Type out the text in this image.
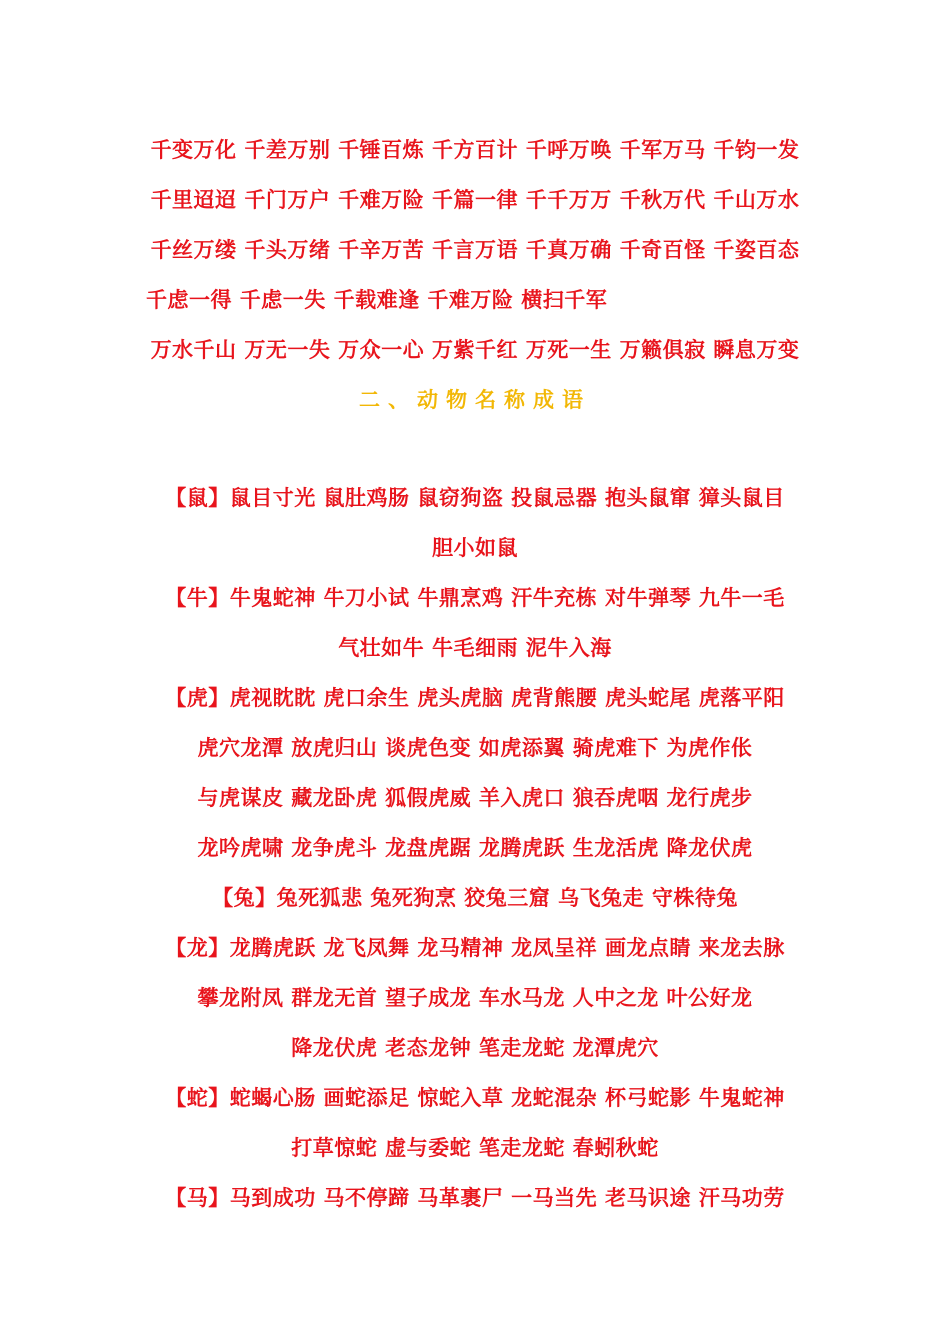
千变万化 千差万别 千锤百炼 千方百计 千呼万唤 千军万马 千钧一发
千里迢迢 千门万户 千难万险 千篇一律 千千万万 千秋万代 千山万水
千丝万缕 千头万绪 千辛万苦 千言万语 千真万确 千奇百怪 千姿百态
千虑一得 千虑一失 千载难逢 千难万险 横扫千军
万水千山 万无一失 万众一心 万紫千红 万死一生 万籁俱寂 瞬息万变
二、动物名称成语
【鼠】鼠目寸光 鼠肚鸡肠 鼠窃狗盗 投鼠忌器 抱头鼠窜 獐头鼠目
胆小如鼠
【牛】牛鬼蛇神 牛刀小试 牛鼎烹鸡 汗牛充栋 对牛弹琴 九牛一毛
气壮如牛 牛毛细雨 泥牛入海
【虎】虎视眈眈 虎口余生 虎头虎脑 虎背熊腰 虎头蛇尾 虎落平阳
虎穴龙潭 放虎归山 谈虎色变 如虎添翼 骑虎难下 为虎作伥
与虎谋皮 藏龙卧虎 狐假虎威 羊入虎口 狼吞虎咽 龙行虎步
龙吟虎啸 龙争虎斗 龙盘虎踞 龙腾虎跃 生龙活虎 降龙伏虎
【兔】兔死狐悲 兔死狗烹 狡兔三窟 乌飞兔走 守株待兔
【龙】龙腾虎跃 龙飞凤舞 龙马精神 龙凤呈祥 画龙点睛 来龙去脉
攀龙附凤 群龙无首 望子成龙 车水马龙 人中之龙 叶公好龙
降龙伏虎 老态龙钟 笔走龙蛇 龙潭虎穴
【蛇】蛇蝎心肠 画蛇添足 惊蛇入草 龙蛇混杂 杯弓蛇影 牛鬼蛇神
打草惊蛇 虚与委蛇 笔走龙蛇 春蚓秋蛇
【马】马到成功 马不停蹄 马革裹尸 一马当先 老马识途 汗马功劳
